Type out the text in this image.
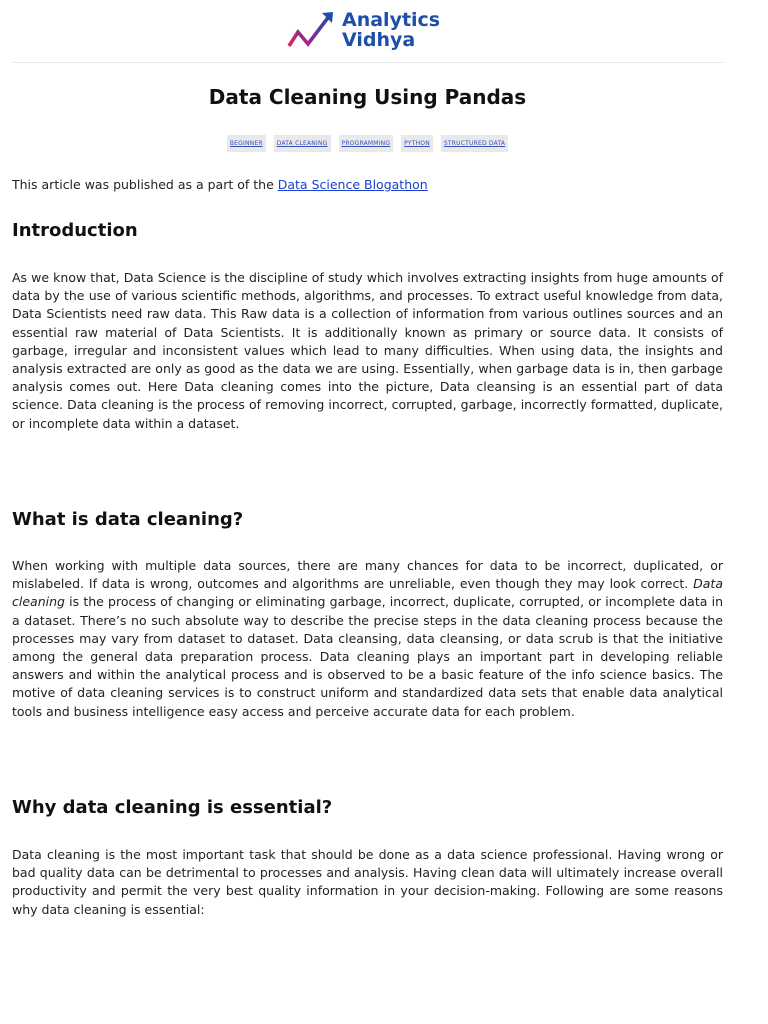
Analytics
Vidhya
Data Cleaning Using Pandas
BEGINNER	DATA CLEANING	PROGRAMMING	PYTHON	STRUCTURED DATA
This article was published as a part of the Data Science Blogathon
Introduction
As we know that, Data Science is the discipline of study which involves extracting insights from huge amounts of data by the use of various scientific methods, algorithms, and processes. To extract useful knowledge from data, Data Scientists need raw data. This Raw data is a collection of information from various outlines sources and an essential raw material of Data Scientists. It is additionally known as primary or source data. It consists of garbage, irregular and inconsistent values which lead to many difficulties. When using data, the insights and analysis extracted are only as good as the data we are using. Essentially, when garbage data is in, then garbage analysis comes out. Here Data cleaning comes into the picture, Data cleansing is an essential part of data science. Data cleaning is the process of removing incorrect, corrupted, garbage, incorrectly formatted, duplicate, or incomplete data within a dataset.
What is data cleaning?
When working with multiple data sources, there are many chances for data to be incorrect, duplicated, or mislabeled. If data is wrong, outcomes and algorithms are unreliable, even though they may look correct. Data cleaning is the process of changing or eliminating garbage, incorrect, duplicate, corrupted, or incomplete data in a dataset. There’s no such absolute way to describe the precise steps in the data cleaning process because the processes may vary from dataset to dataset. Data cleansing, data cleansing, or data scrub is that the initiative among the general data preparation process. Data cleaning plays an important part in developing reliable answers and within the analytical process and is observed to be a basic feature of the info science basics. The motive of data cleaning services is to construct uniform and standardized data sets that enable data analytical tools and business intelligence easy access and perceive accurate data for each problem.
Why data cleaning is essential?
Data cleaning is the most important task that should be done as a data science professional. Having wrong or bad quality data can be detrimental to processes and analysis. Having clean data will ultimately increase overall productivity and permit the very best quality information in your decision-making. Following are some reasons why data cleaning is essential:
